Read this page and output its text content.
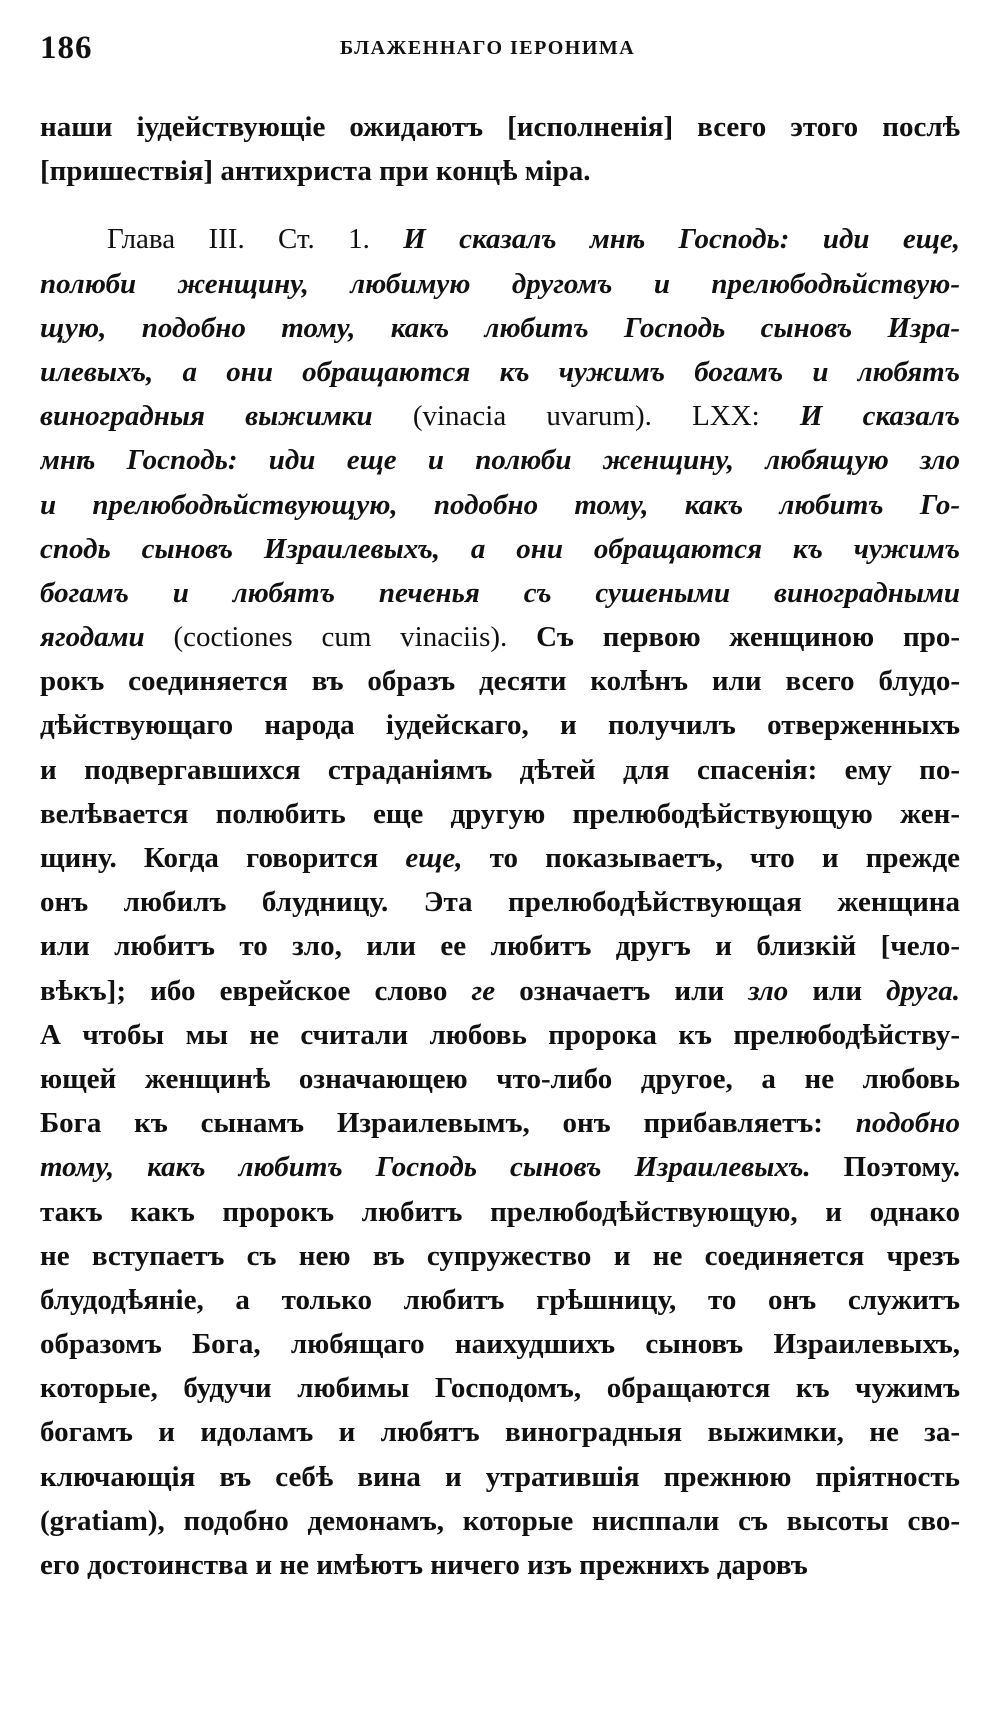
186	БЛАЖЕННАГО ІЕРОНИМА
наши іудействующіе ожидаютъ [исполненія] всего этого послѣ
[пришествія] антихриста при концѣ міра.
Глава III. Ст. 1. И сказалъ мнѣ Господь: иди еще,
полюби женщину, любимую другомъ и прелюбодѣйствую-
щую, подобно тому, какъ любитъ Господь сыновъ Изра-
илевыхъ, а они обращаются къ чужимъ богамъ и любятъ
виноградныя выжимки (vinacia uvarum). LXX: И сказалъ
мнѣ Господь: иди еще и полюби женщину, любящую зло
и прелюбодѣйствующую, подобно тому, какъ любитъ Го-
сподь сыновъ Израилевыхъ, а они обращаются къ чужимъ
богамъ и любятъ печенья съ сушеными виноградными
ягодами (coctiones cum vinaciis). Съ первою женщиною про-
рокъ соединяется въ образъ десяти колѣнъ или всего блудо-
дѣйствующаго народа іудейскаго, и получилъ отверженныхъ
и подвергавшихся страданіямъ дѣтей для спасенія: ему по-
велѣвается полюбить еще другую прелюбодѣйствующую жен-
щину. Когда говорится еще, то показываетъ, что и прежде
онъ любилъ блудницу. Эта прелюбодѣйствующая женщина
или любитъ то зло, или ее любитъ другъ и близкій [чело-
вѣкъ]; ибо еврейское слово ге означаетъ или зло или друга.
А чтобы мы не считали любовь пророка къ прелюбодѣйству-
ющей женщинѣ означающею что-либо другое, а не любовь
Бога къ сынамъ Израилевымъ, онъ прибавляетъ: подобно
тому, какъ любитъ Господь сыновъ Израилевыхъ. Поэтому.
такъ какъ пророкъ любитъ прелюбодѣйствующую, и однако
не вступаетъ съ нею въ супружество и не соединяется чрезъ
блудодѣяніе, а только любитъ грѣшницу, то онъ служитъ
образомъ Бога, любящаго наихудшихъ сыновъ Израилевыхъ,
которые, будучи любимы Господомъ, обращаются къ чужимъ
богамъ и идоламъ и любятъ виноградныя выжимки, не за-
ключающія въ себѣ вина и утратившія прежнюю пріятность
(gratiam), подобно демонамъ, которые нисппали съ высоты сво-
его достоинства и не имѣютъ ничего изъ прежнихъ даровъ
